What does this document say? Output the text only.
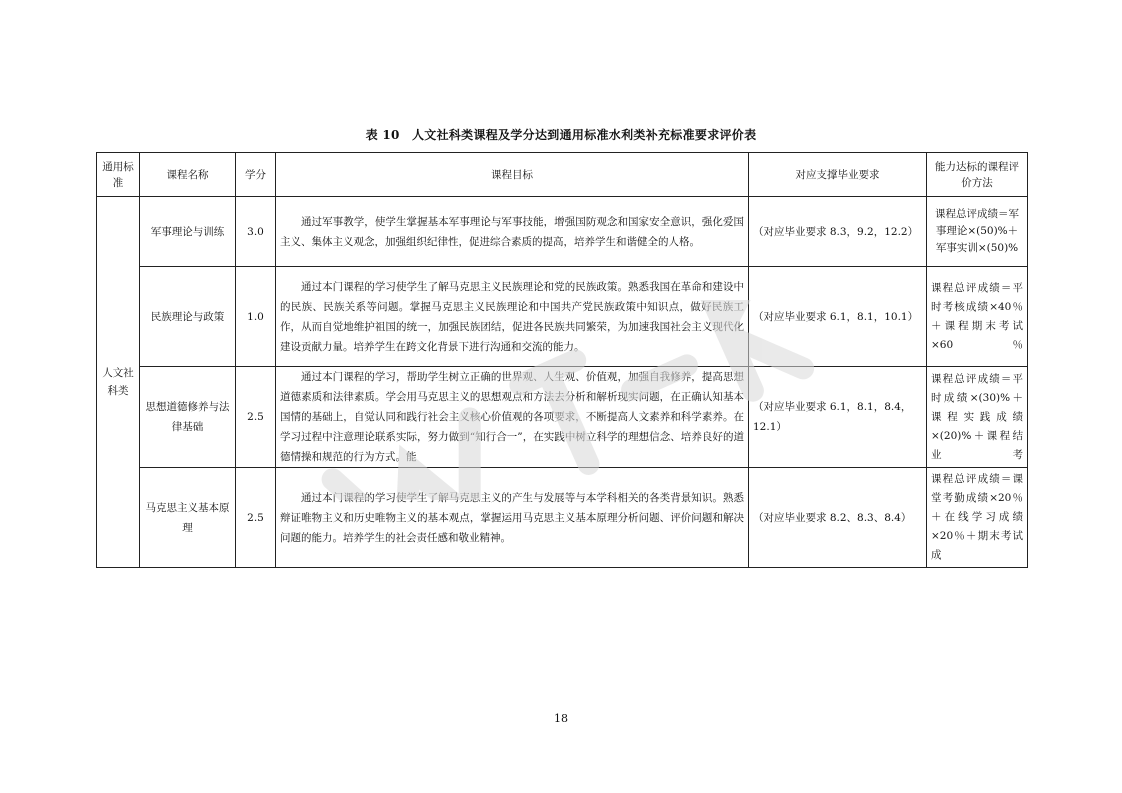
表 10　人文社科类课程及学分达到通用标准水利类补充标准要求评价表
通用标准	课程名称	学分	课程目标	对应支撑毕业要求	能力达标的课程评价方法
人文社科类	军事理论与训练	3.0	通过军事教学，使学生掌握基本军事理论与军事技能，增强国防观念和国家安全意识，强化爱国主义、集体主义观念，加强组织纪律性，促进综合素质的提高，培养学生和谐健全的人格。	（对应毕业要求 8.3，9.2，12.2）	课程总评成绩＝军事理论×(50)%＋军事实训×(50)%

	民族理论与政策	1.0	通过本门课程的学习使学生了解马克思主义民族理论和党的民族政策。熟悉我国在革命和建设中的民族、民族关系等问题。掌握马克思主义民族理论和中国共产党民族政策中知识点，做好民族工作，从而自觉地维护祖国的统一，加强民族团结，促进各民族共同繁荣，为加速我国社会主义现代化建设贡献力量。培养学生在跨文化背景下进行沟通和交流的能力。	（对应毕业要求 6.1，8.1，10.1）	课程总评成绩＝平时考核成绩×40％＋课程期末考试×60％

	思想道德修养与法律基础	2.5	通过本门课程的学习，帮助学生树立正确的世界观、人生观、价值观，加强自我修养，提高思想道德素质和法律素质。学会用马克思主义的思想观点和方法去分析和解析现实问题，在正确认知基本国情的基础上，自觉认同和践行社会主义核心价值观的各项要求，不断提高人文素养和科学素养。在学习过程中注意理论联系实际，努力做到“知行合一”，在实践中树立科学的理想信念、培养良好的道德情操和规范的行为方式。能	（对应毕业要求 6.1，8.1，8.4，12.1）	课程总评成绩＝平时成绩×(30)%＋课程实践成绩×(20)%＋课程结业考

	马克思主义基本原理	2.5	通过本门课程的学习使学生了解马克思主义的产生与发展等与本学科相关的各类背景知识。熟悉辩证唯物主义和历史唯物主义的基本观点，掌握运用马克思主义基本原理分析问题、评价问题和解决问题的能力。培养学生的社会责任感和敬业精神。	（对应毕业要求 8.2、8.3、8.4）	课程总评成绩＝课堂考勤成绩×20％＋在线学习成绩×20％＋期末考试成
18
